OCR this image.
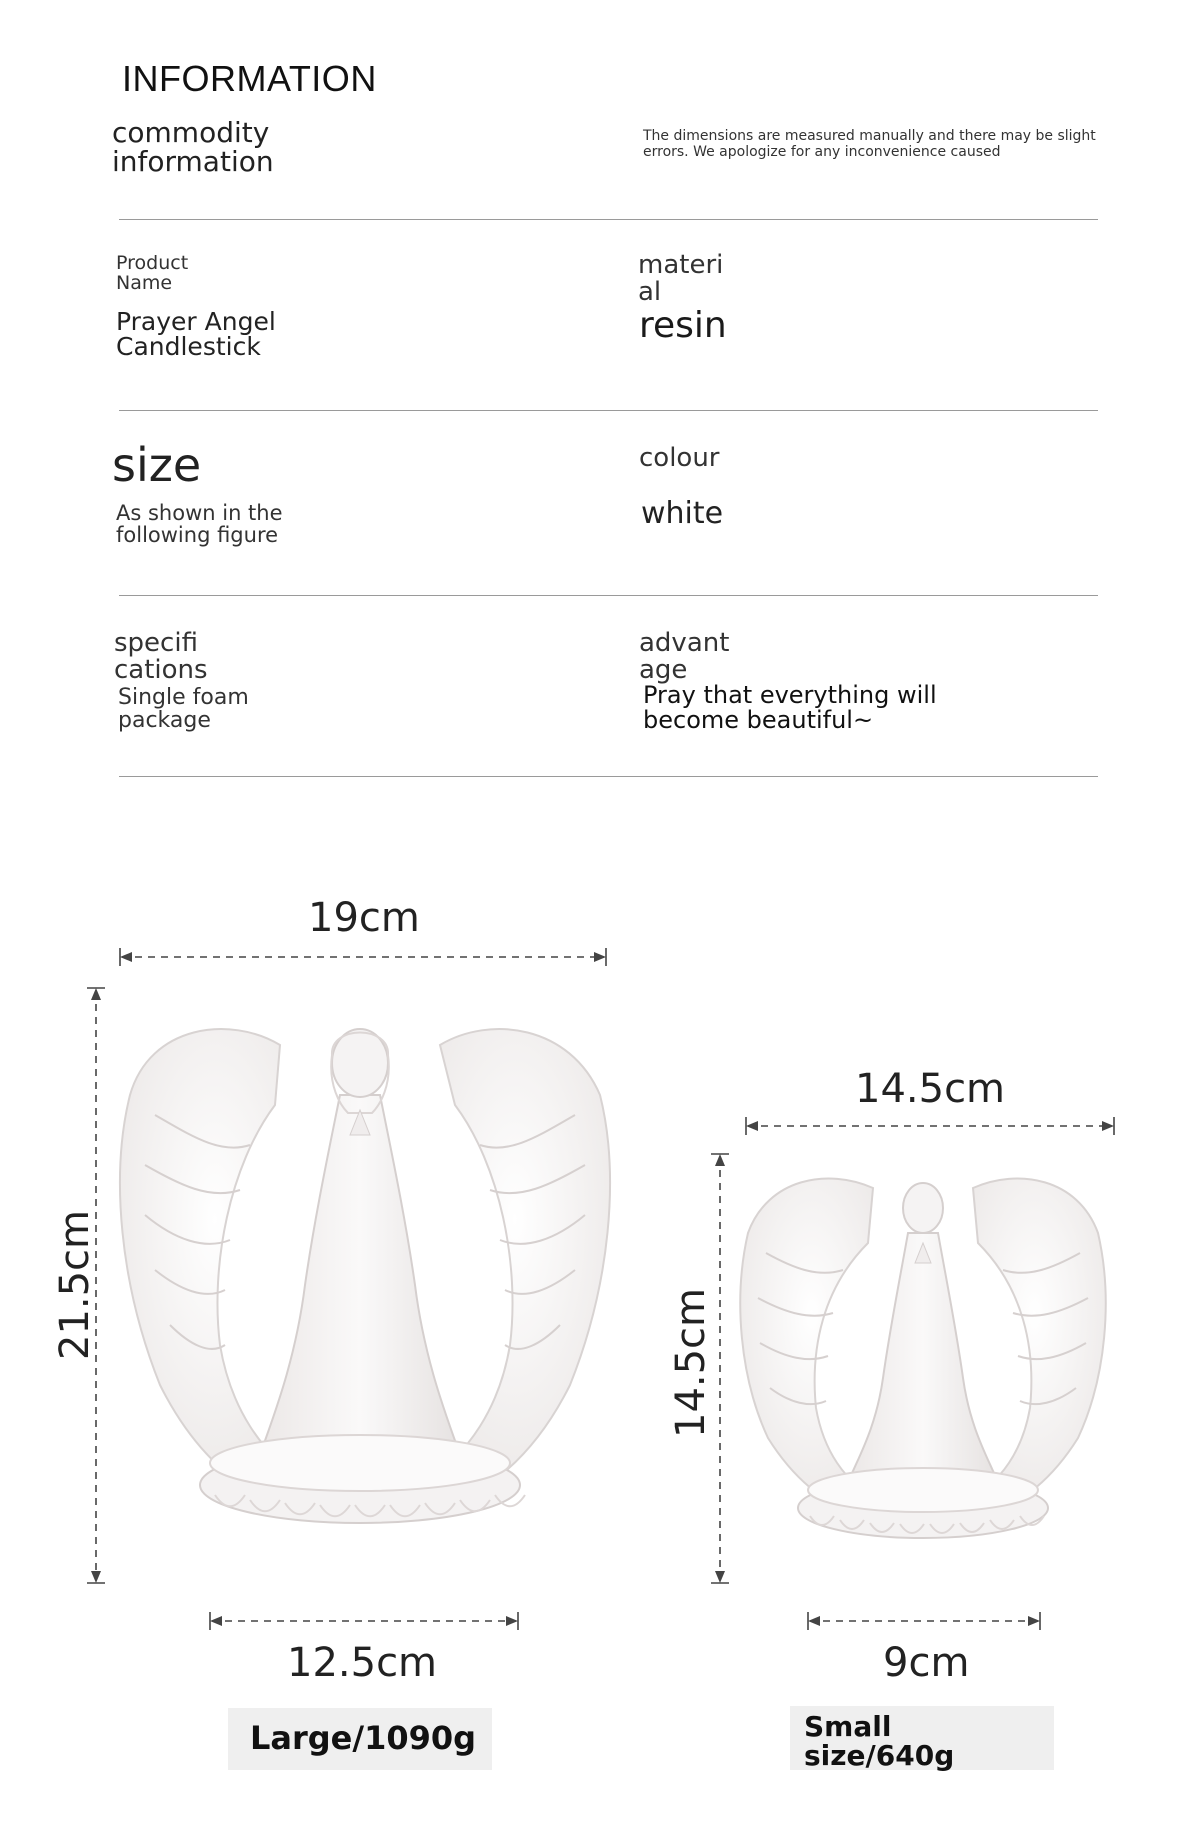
INFORMATION
commodity information
The dimensions are measured manually and there may be slight errors. We apologize for any inconvenience caused
Product Name
Prayer Angel Candlestick
materi al
resin
size
As shown in the following figure
colour
white
specifi cations
Single foam package
advant age
Pray that everything will become beautiful~
19cm
21.5cm
12.5cm
Large/1090g
14.5cm
14.5cm
9cm
Small size/640g
